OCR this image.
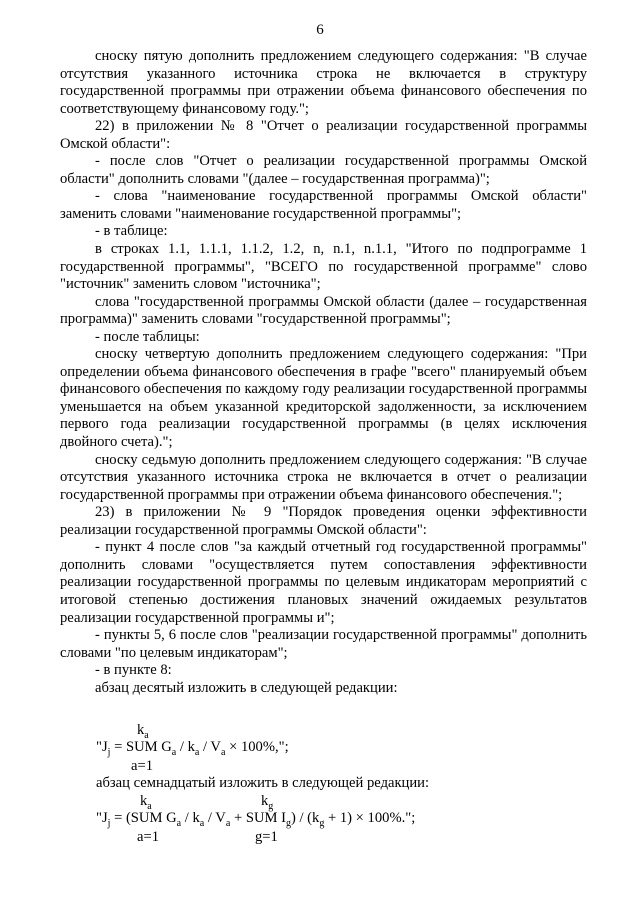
6

сноску пятую дополнить предложением следующего содержания: "В случае отсутствия указанного источника строка не включается в структуру государственной программы при отражении объема финансового обеспечения по соответствующему финансовому году.";

22) в приложении № 8 "Отчет о реализации государственной программы Омской области":

- после слов "Отчет о реализации государственной программы Омской области" дополнить словами "(далее – государственная программа)";

- слова "наименование государственной программы Омской области" заменить словами "наименование государственной программы";

- в таблице:

в строках 1.1, 1.1.1, 1.1.2, 1.2, n, n.1, n.1.1, "Итого по подпрограмме 1 государственной программы", "ВСЕГО по государственной программе" слово "источник" заменить словом "источника";

слова "государственной программы Омской области (далее – государственная программа)" заменить словами "государственной программы";

- после таблицы:

сноску четвертую дополнить предложением следующего содержания: "При определении объема финансового обеспечения в графе "всего" планируемый объем финансового обеспечения по каждому году реализации государственной программы уменьшается на объем указанной кредиторской задолженности, за исключением первого года реализации государственной программы (в целях исключения двойного счета).";

сноску седьмую дополнить предложением следующего содержания: "В случае отсутствия указанного источника строка не включается в отчет о реализации государственной программы при отражении объема финансового обеспечения.";

23) в приложении № 9 "Порядок проведения оценки эффективности реализации государственной программы Омской области":

- пункт 4 после слов "за каждый отчетный год государственной программы" дополнить словами "осуществляется путем сопоставления эффективности реализации государственной программы по целевым индикаторам мероприятий с итоговой степенью достижения плановых значений ожидаемых результатов реализации государственной программы и";

- пункты 5, 6 после слов "реализации государственной программы" дополнить словами "по целевым индикаторам";

- в пункте 8:

абзац десятый изложить в следующей редакции:

$k_a$
"$J_j$ = SUM $G_a / k_a / V_a \times 100\%$,";
a=1
абзац семнадцатый изложить в следующей редакции:
$k_a$	$k_g$
"$J_j = (SUM$ $G_a / k_a / V_a$ + SUM $I_g) / (k_g + 1) \times 100\%$.";
a=1	g=1
